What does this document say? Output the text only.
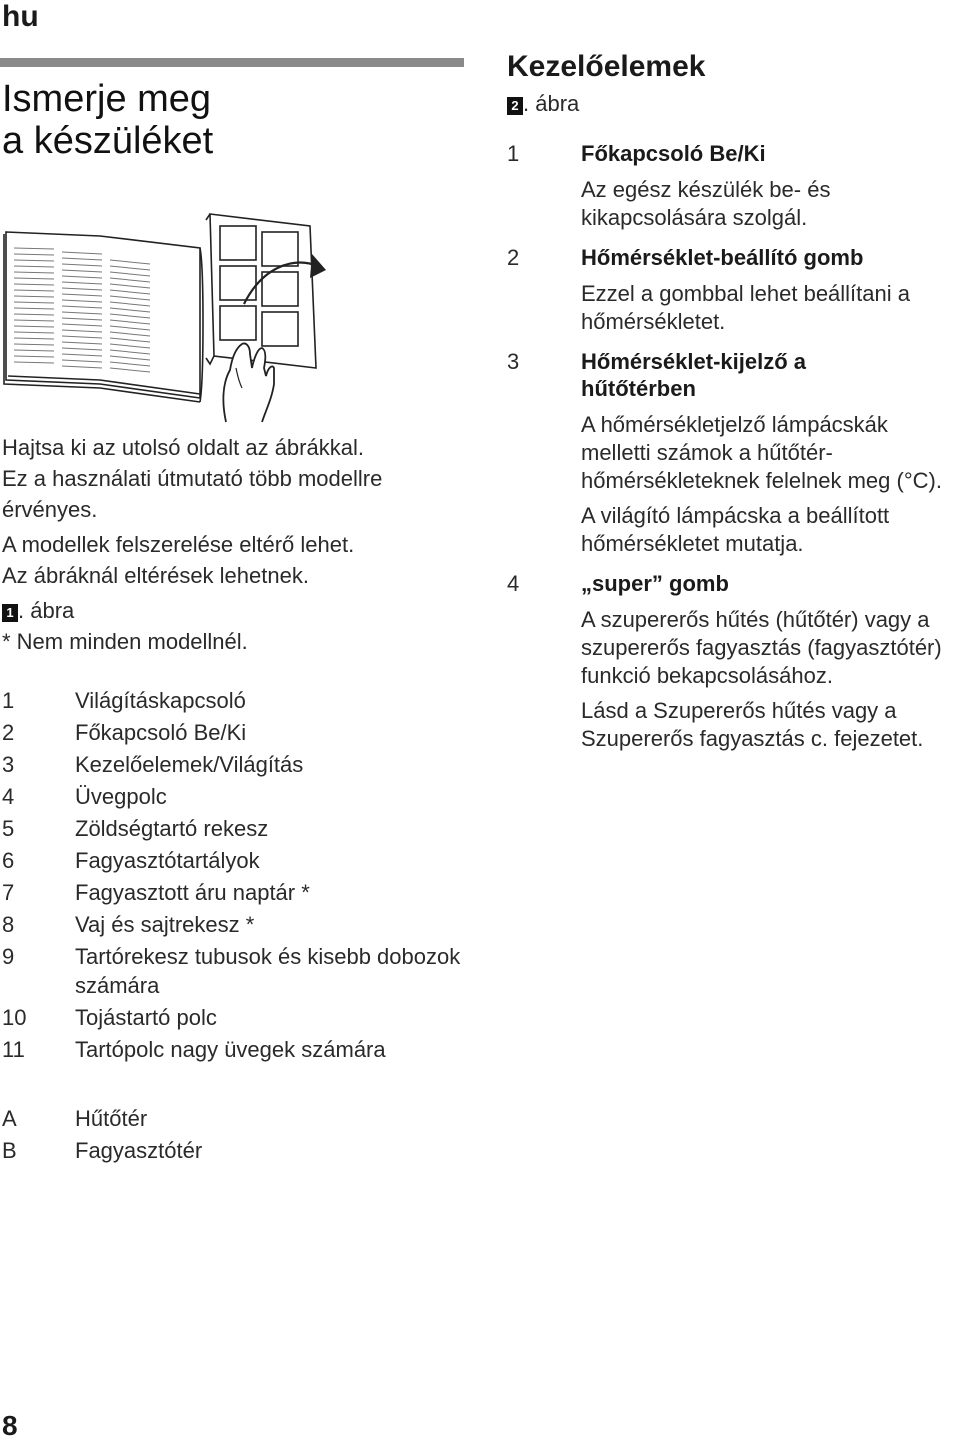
hu
Ismerje meg
a készüléket

Hajtsa ki az utolsó oldalt az ábrákkal.

Ez a használati útmutató több modellre

érvényes.

A modellek felszerelése eltérő lehet.

Az ábráknál eltérések lehetnek.

1 . ábra

* Nem minden modellnél.

1	Világításkapcsoló
2	Főkapcsoló Be/Ki
3	Kezelőelemek/Világítás
4	Üvegpolc
5	Zöldségtartó rekesz
6	Fagyasztótartályok
7	Fagyasztott áru naptár *
8	Vaj és sajtrekesz *
9	Tartórekesz tubusok és kisebb dobozok számára
10	Tojástartó polc
11	Tartópolc nagy üvegek számára
A	Hűtőtér
B	Fagyasztótér
Kezelőelemek
2 . ábra
1	Főkapcsoló Be/Ki

Az egész készülék be- és kikapcsolására szolgál.

2	Hőmérséklet-beállító gomb

Ezzel a gombbal lehet beállítani a hőmérsékletet.

3	Hőmérséklet-kijelző a hűtőtérben

A hőmérsékletjelző lámpácskák melletti számok a hűtőtér-hőmérsékleteknek felelnek meg (°C).

A világító lámpácska a beállított hőmérsékletet mutatja.

4	„super” gomb

A szupererős hűtés (hűtőtér) vagy a szupererős fagyasztás (fagyasztótér) funkció bekapcsolásához.

Lásd a Szupererős hűtés vagy a Szupererős fagyasztás c. fejezetet.

8
